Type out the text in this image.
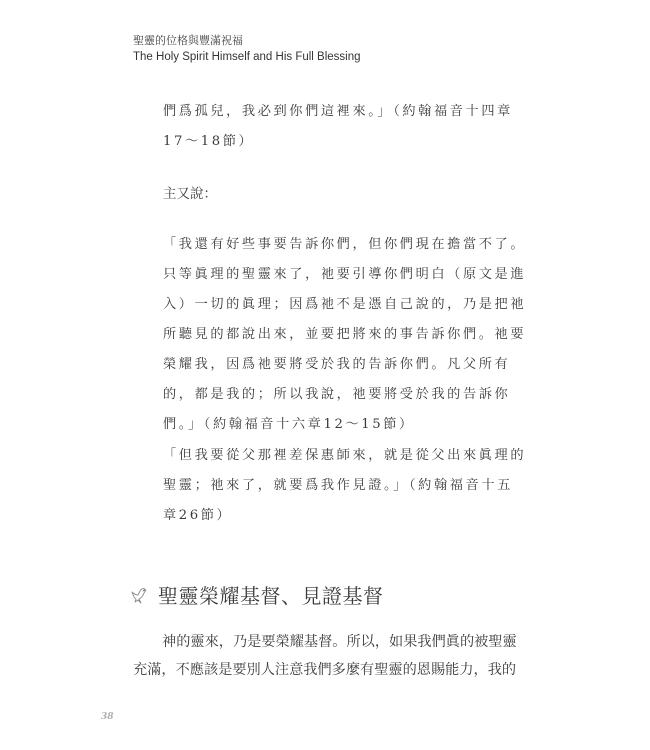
聖靈的位格與豐滿祝福
The Holy Spirit Himself and His Full Blessing
們爲孤兒，我必到你們這裡來。」（約翰福音十四章
17～18節）
主又說：
「我還有好些事要告訴你們，但你們現在擔當不了。
只等眞理的聖靈來了，祂要引導你們明白（原文是進
入）一切的眞理；因爲祂不是憑自己說的，乃是把祂
所聽見的都說出來，並要把將來的事告訴你們。祂要
榮耀我，因爲祂要將受於我的告訴你們。凡父所有
的，都是我的；所以我說，祂要將受於我的告訴你
們。」（約翰福音十六章12～15節）
「但我要從父那裡差保惠師來，就是從父出來眞理的
聖靈；祂來了，就要爲我作見證。」（約翰福音十五
章26節）
聖靈榮耀基督、見證基督
神的靈來，乃是要榮耀基督。所以，如果我們眞的被聖靈
充滿，不應該是要別人注意我們多麼有聖靈的恩賜能力，我的
38
